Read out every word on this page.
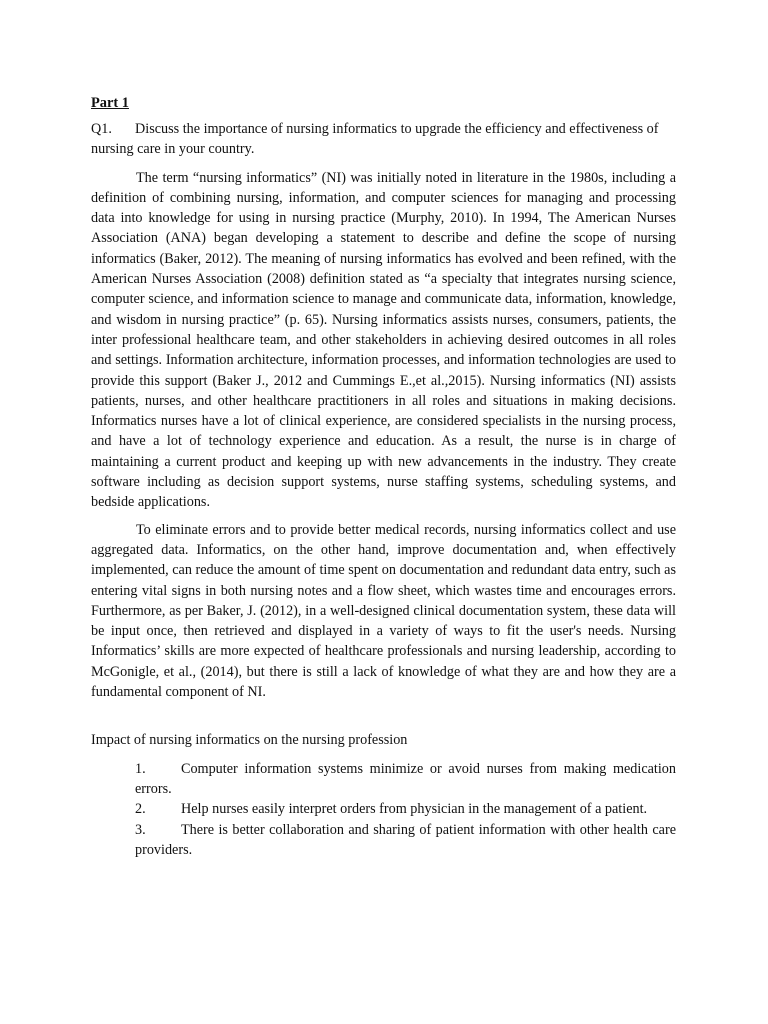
Part 1
Q1. Discuss the importance of nursing informatics to upgrade the efficiency and effectiveness of nursing care in your country.

The term “nursing informatics” (NI) was initially noted in literature in the 1980s, including a definition of combining nursing, information, and computer sciences for managing and processing data into knowledge for using in nursing practice (Murphy, 2010). In 1994, The American Nurses Association (ANA) began developing a statement to describe and define the scope of nursing informatics (Baker, 2012). The meaning of nursing informatics has evolved and been refined, with the American Nurses Association (2008) definition stated as “a specialty that integrates nursing science, computer science, and information science to manage and communicate data, information, knowledge, and wisdom in nursing practice” (p. 65). Nursing informatics assists nurses, consumers, patients, the inter professional healthcare team, and other stakeholders in achieving desired outcomes in all roles and settings. Information architecture, information processes, and information technologies are used to provide this support (Baker J., 2012 and Cummings E.,et al.,2015). Nursing informatics (NI) assists patients, nurses, and other healthcare practitioners in all roles and situations in making decisions. Informatics nurses have a lot of clinical experience, are considered specialists in the nursing process, and have a lot of technology experience and education. As a result, the nurse is in charge of maintaining a current product and keeping up with new advancements in the industry. They create software including as decision support systems, nurse staffing systems, scheduling systems, and bedside applications.

To eliminate errors and to provide better medical records, nursing informatics collect and use aggregated data. Informatics, on the other hand, improve documentation and, when effectively implemented, can reduce the amount of time spent on documentation and redundant data entry, such as entering vital signs in both nursing notes and a flow sheet, which wastes time and encourages errors. Furthermore, as per Baker, J. (2012), in a well-designed clinical documentation system, these data will be input once, then retrieved and displayed in a variety of ways to fit the user's needs. Nursing Informatics’ skills are more expected of healthcare professionals and nursing leadership, according to McGonigle, et al., (2014), but there is still a lack of knowledge of what they are and how they are a fundamental component of NI.

Impact of nursing informatics on the nursing profession
1. Computer information systems minimize or avoid nurses from making medication errors.
2. Help nurses easily interpret orders from physician in the management of a patient.
3. There is better collaboration and sharing of patient information with other health care providers.
